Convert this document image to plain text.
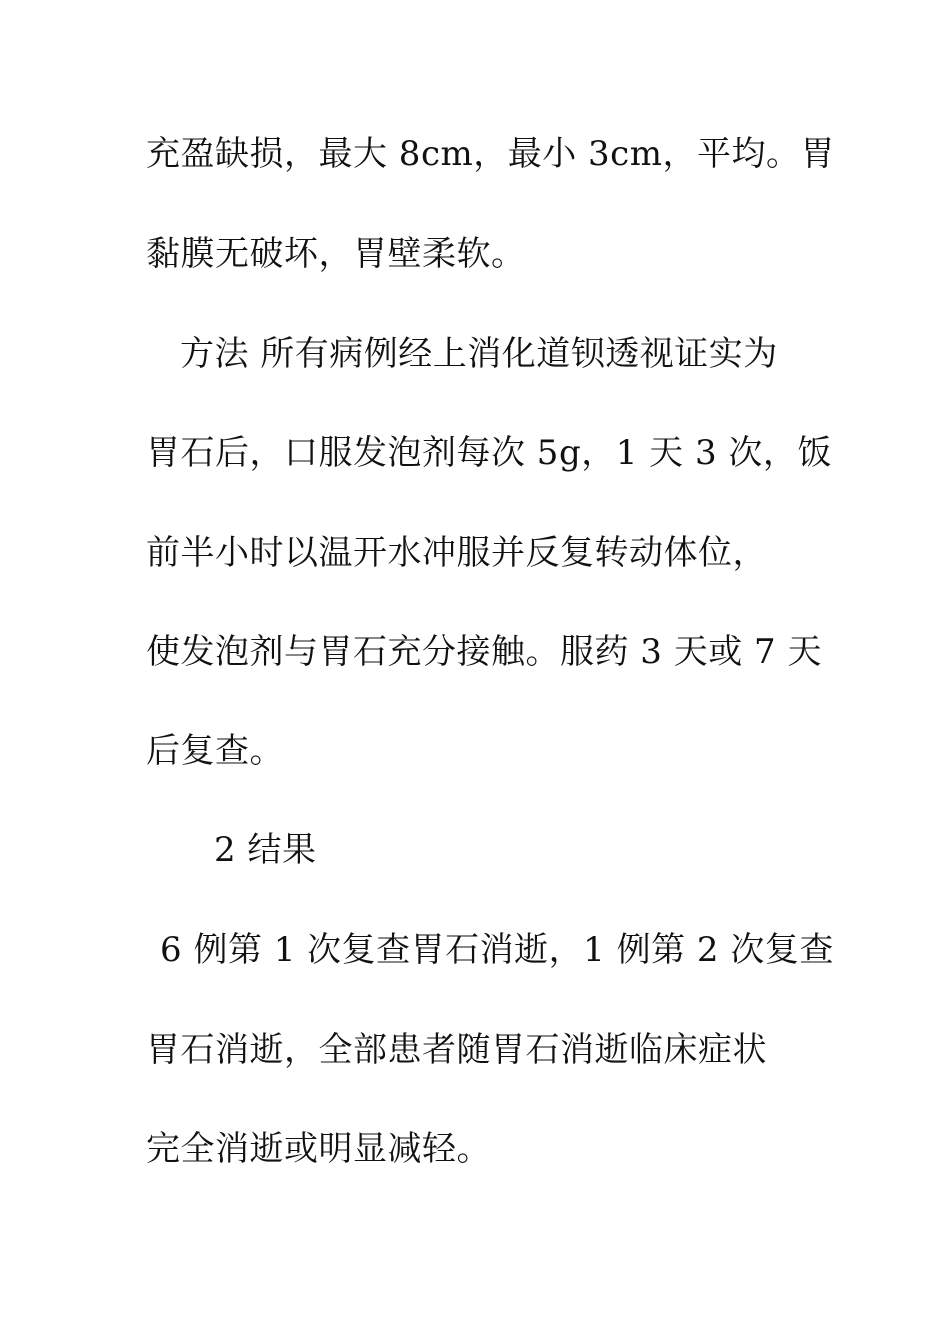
充盈缺损，最大 8cm，最小 3cm，平均。胃
黏膜无破坏，胃壁柔软。
方法 所有病例经上消化道钡透视证实为
胃石后，口服发泡剂每次 5g，1 天 3 次，饭
前半小时以温开水冲服并反复转动体位，
使发泡剂与胃石充分接触。服药 3 天或 7 天
后复查。
2 结果
6 例第 1 次复查胃石消逝，1 例第 2 次复查
胃石消逝，全部患者随胃石消逝临床症状
完全消逝或明显减轻。
